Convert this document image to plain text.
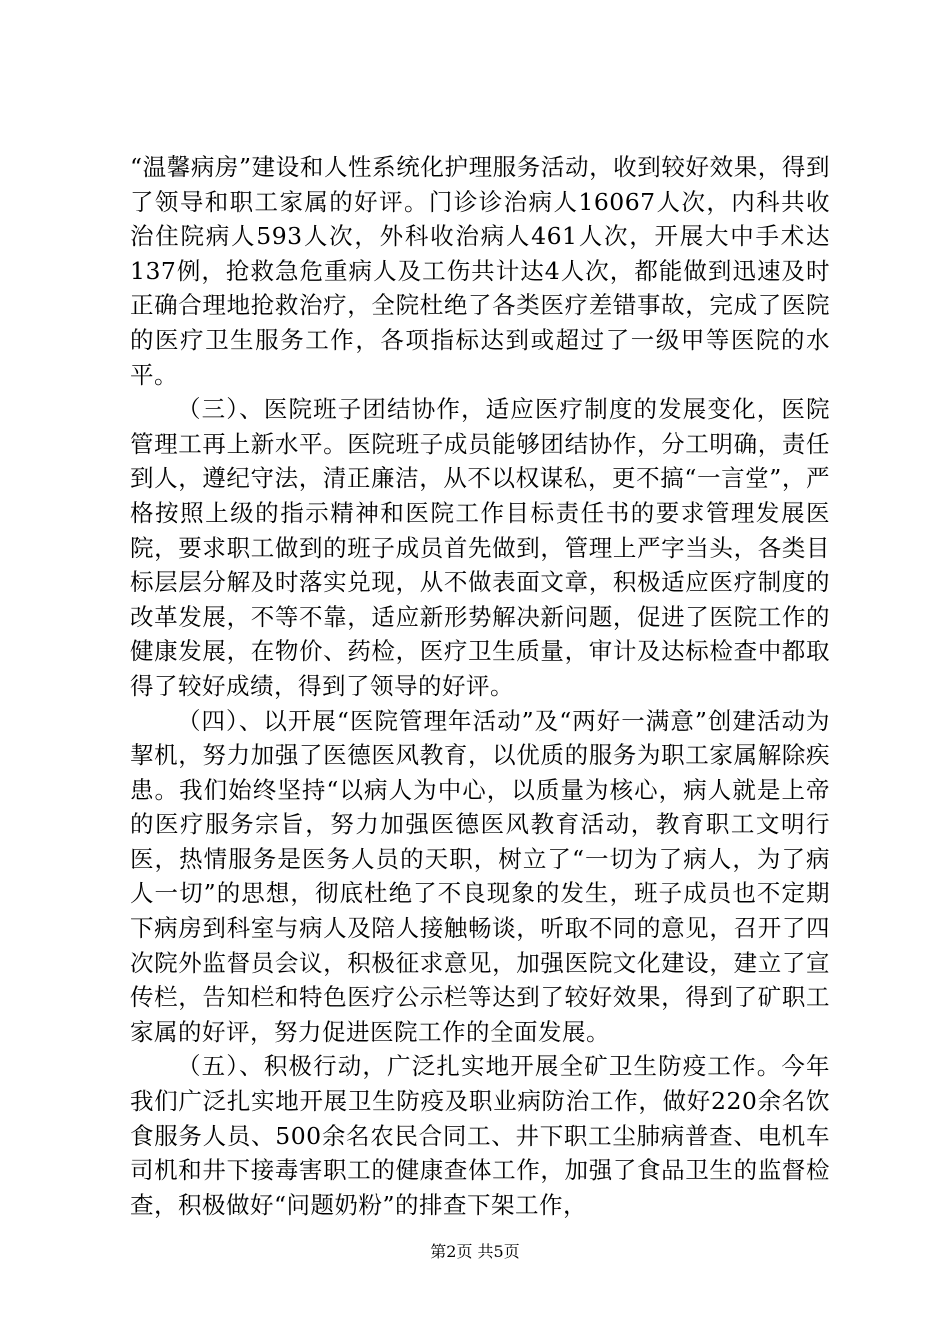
“温馨病房”建设和人性系统化护理服务活动，收到较好效果，得到了领导和职工家属的好评。门诊诊治病人16067人次，内科共收治住院病人593人次，外科收治病人461人次，开展大中手术达137例，抢救急危重病人及工伤共计达4人次，都能做到迅速及时正确合理地抢救治疗，全院杜绝了各类医疗差错事故，完成了医院的医疗卫生服务工作，各项指标达到或超过了一级甲等医院的水平。

（三）、医院班子团结协作，适应医疗制度的发展变化，医院管理工再上新水平。医院班子成员能够团结协作，分工明确，责任到人，遵纪守法，清正廉洁，从不以权谋私，更不搞“一言堂”，严格按照上级的指示精神和医院工作目标责任书的要求管理发展医院，要求职工做到的班子成员首先做到，管理上严字当头，各类目标层层分解及时落实兑现，从不做表面文章，积极适应医疗制度的改革发展，不等不靠，适应新形势解决新问题，促进了医院工作的健康发展，在物价、药检，医疗卫生质量，审计及达标检查中都取得了较好成绩，得到了领导的好评。

（四）、以开展“医院管理年活动”及“两好一满意”创建活动为挈机，努力加强了医德医风教育，以优质的服务为职工家属解除疾患。我们始终坚持“以病人为中心，以质量为核心，病人就是上帝的医疗服务宗旨，努力加强医德医风教育活动，教育职工文明行医，热情服务是医务人员的天职，树立了“一切为了病人，为了病人一切”的思想，彻底杜绝了不良现象的发生，班子成员也不定期下病房到科室与病人及陪人接触畅谈，听取不同的意见，召开了四次院外监督员会议，积极征求意见，加强医院文化建设，建立了宣传栏，告知栏和特色医疗公示栏等达到了较好效果，得到了矿职工家属的好评，努力促进医院工作的全面发展。

（五）、积极行动，广泛扎实地开展全矿卫生防疫工作。今年我们广泛扎实地开展卫生防疫及职业病防治工作，做好220余名饮食服务人员、500余名农民合同工、井下职工尘肺病普查、电机车司机和井下接毒害职工的健康查体工作，加强了食品卫生的监督检查，积极做好“问题奶粉”的排查下架工作，

第2页 共5页
